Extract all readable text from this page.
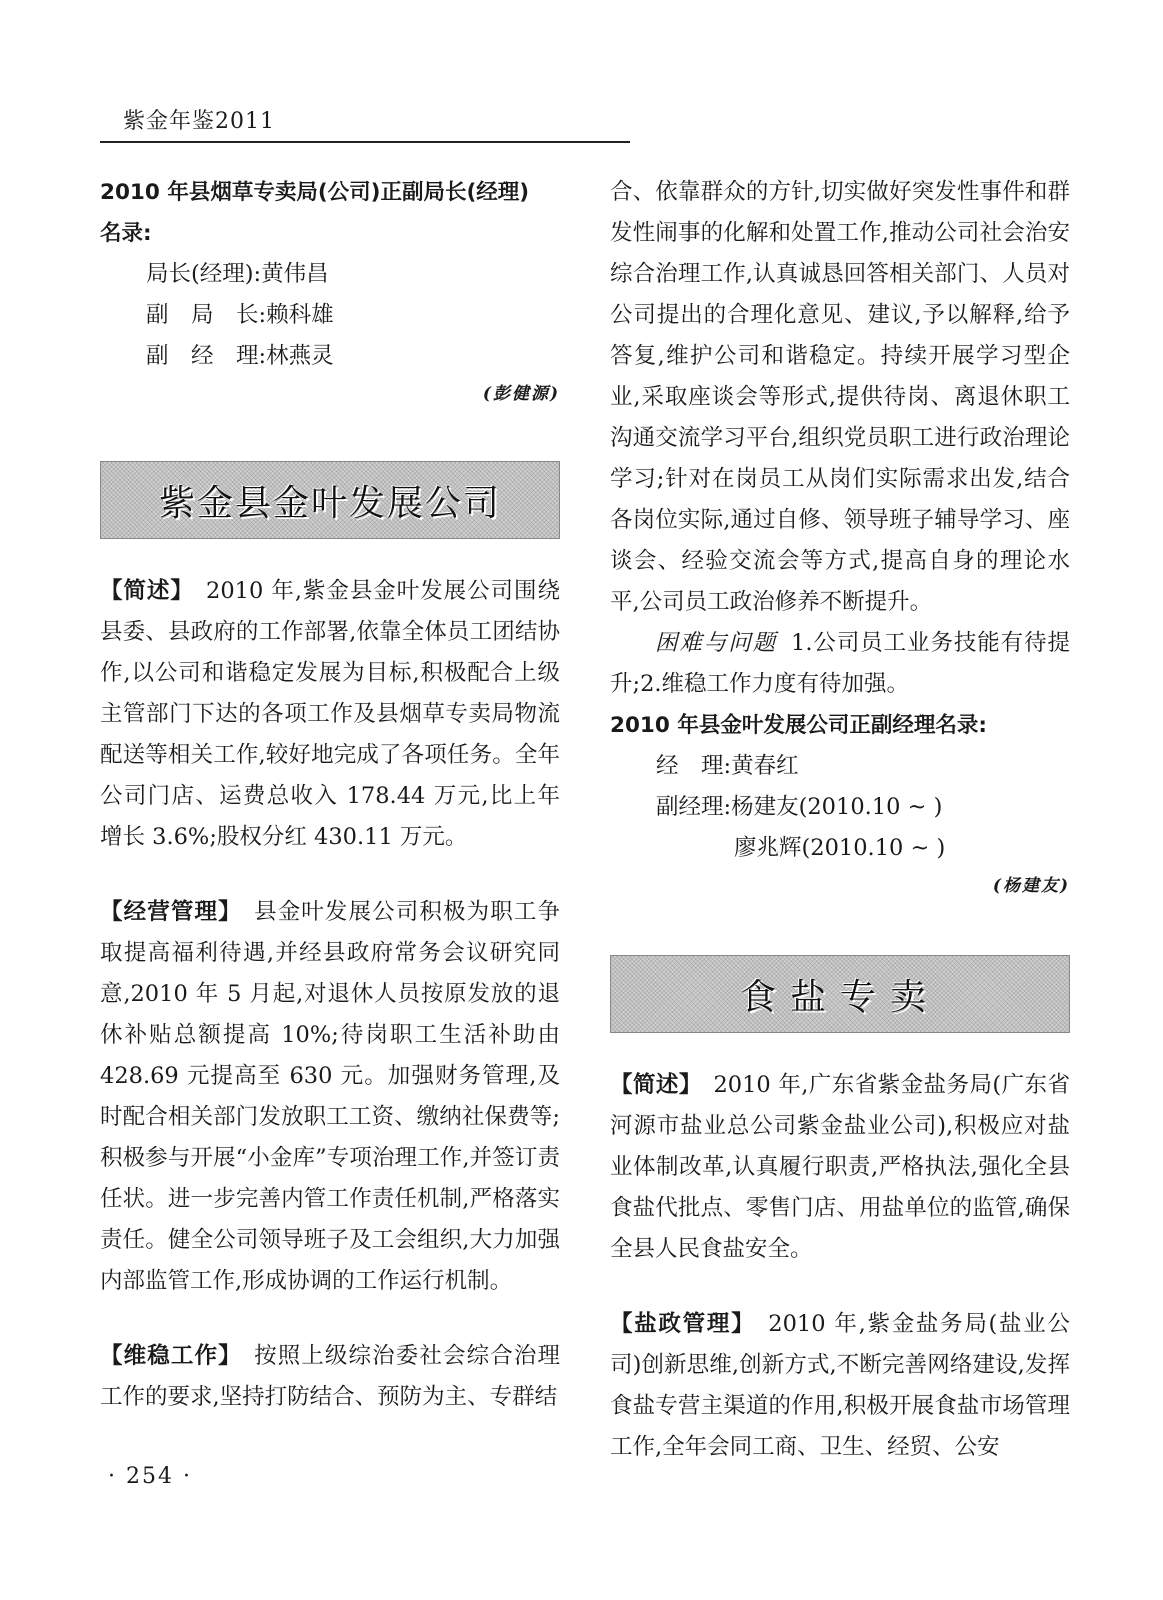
紫金年鉴2011

2010 年县烟草专卖局(公司)正副局长(经理)
名录:

局长(经理):黄伟昌
副　局　长:赖科雄
副　经　理:林燕灵

(彭健源)

紫金县金叶发展公司

【简述】　 2010 年,紫金县金叶发展公司围绕县委、县政府的工作部署,依靠全体员工团结协作,以公司和谐稳定发展为目标,积极配合上级主管部门下达的各项工作及县烟草专卖局物流配送等相关工作,较好地完成了各项任务。全年公司门店、运费总收入 178.44 万元,比上年增长 3.6%;股权分红 430.11 万元。

【经营管理】　 县金叶发展公司积极为职工争取提高福利待遇,并经县政府常务会议研究同意,2010 年 5 月起,对退休人员按原发放的退休补贴总额提高 10%;待岗职工生活补助由 428.69 元提高至 630 元。加强财务管理,及时配合相关部门发放职工工资、缴纳社保费等;积极参与开展“小金库”专项治理工作,并签订责任状。进一步完善内管工作责任机制,严格落实责任。健全公司领导班子及工会组织,大力加强内部监管工作,形成协调的工作运行机制。

【维稳工作】　 按照上级综治委社会综合治理工作的要求,坚持打防结合、预防为主、专群结

合、依靠群众的方针,切实做好突发性事件和群发性闹事的化解和处置工作,推动公司社会治安综合治理工作,认真诚恳回答相关部门、人员对公司提出的合理化意见、建议,予以解释,给予答复,维护公司和谐稳定。持续开展学习型企业,采取座谈会等形式,提供待岗、离退休职工沟通交流学习平台,组织党员职工进行政治理论学习;针对在岗员工从岗们实际需求出发,结合各岗位实际,通过自修、领导班子辅导学习、座谈会、经验交流会等方式,提高自身的理论水平,公司员工政治修养不断提升。

困难与问题 1.公司员工业务技能有待提升;2.维稳工作力度有待加强。

2010 年县金叶发展公司正副经理名录:

经　理:黄春红
副经理:杨建友(2010.10 ~ )
廖兆辉(2010.10 ~ )

(杨建友)

食盐专卖

【简述】　 2010 年,广东省紫金盐务局(广东省河源市盐业总公司紫金盐业公司),积极应对盐业体制改革,认真履行职责,严格执法,强化全县食盐代批点、零售门店、用盐单位的监管,确保全县人民食盐安全。

【盐政管理】　 2010 年,紫金盐务局(盐业公司)创新思维,创新方式,不断完善网络建设,发挥食盐专营主渠道的作用,积极开展食盐市场管理工作,全年会同工商、卫生、经贸、公安

· 254 ·
